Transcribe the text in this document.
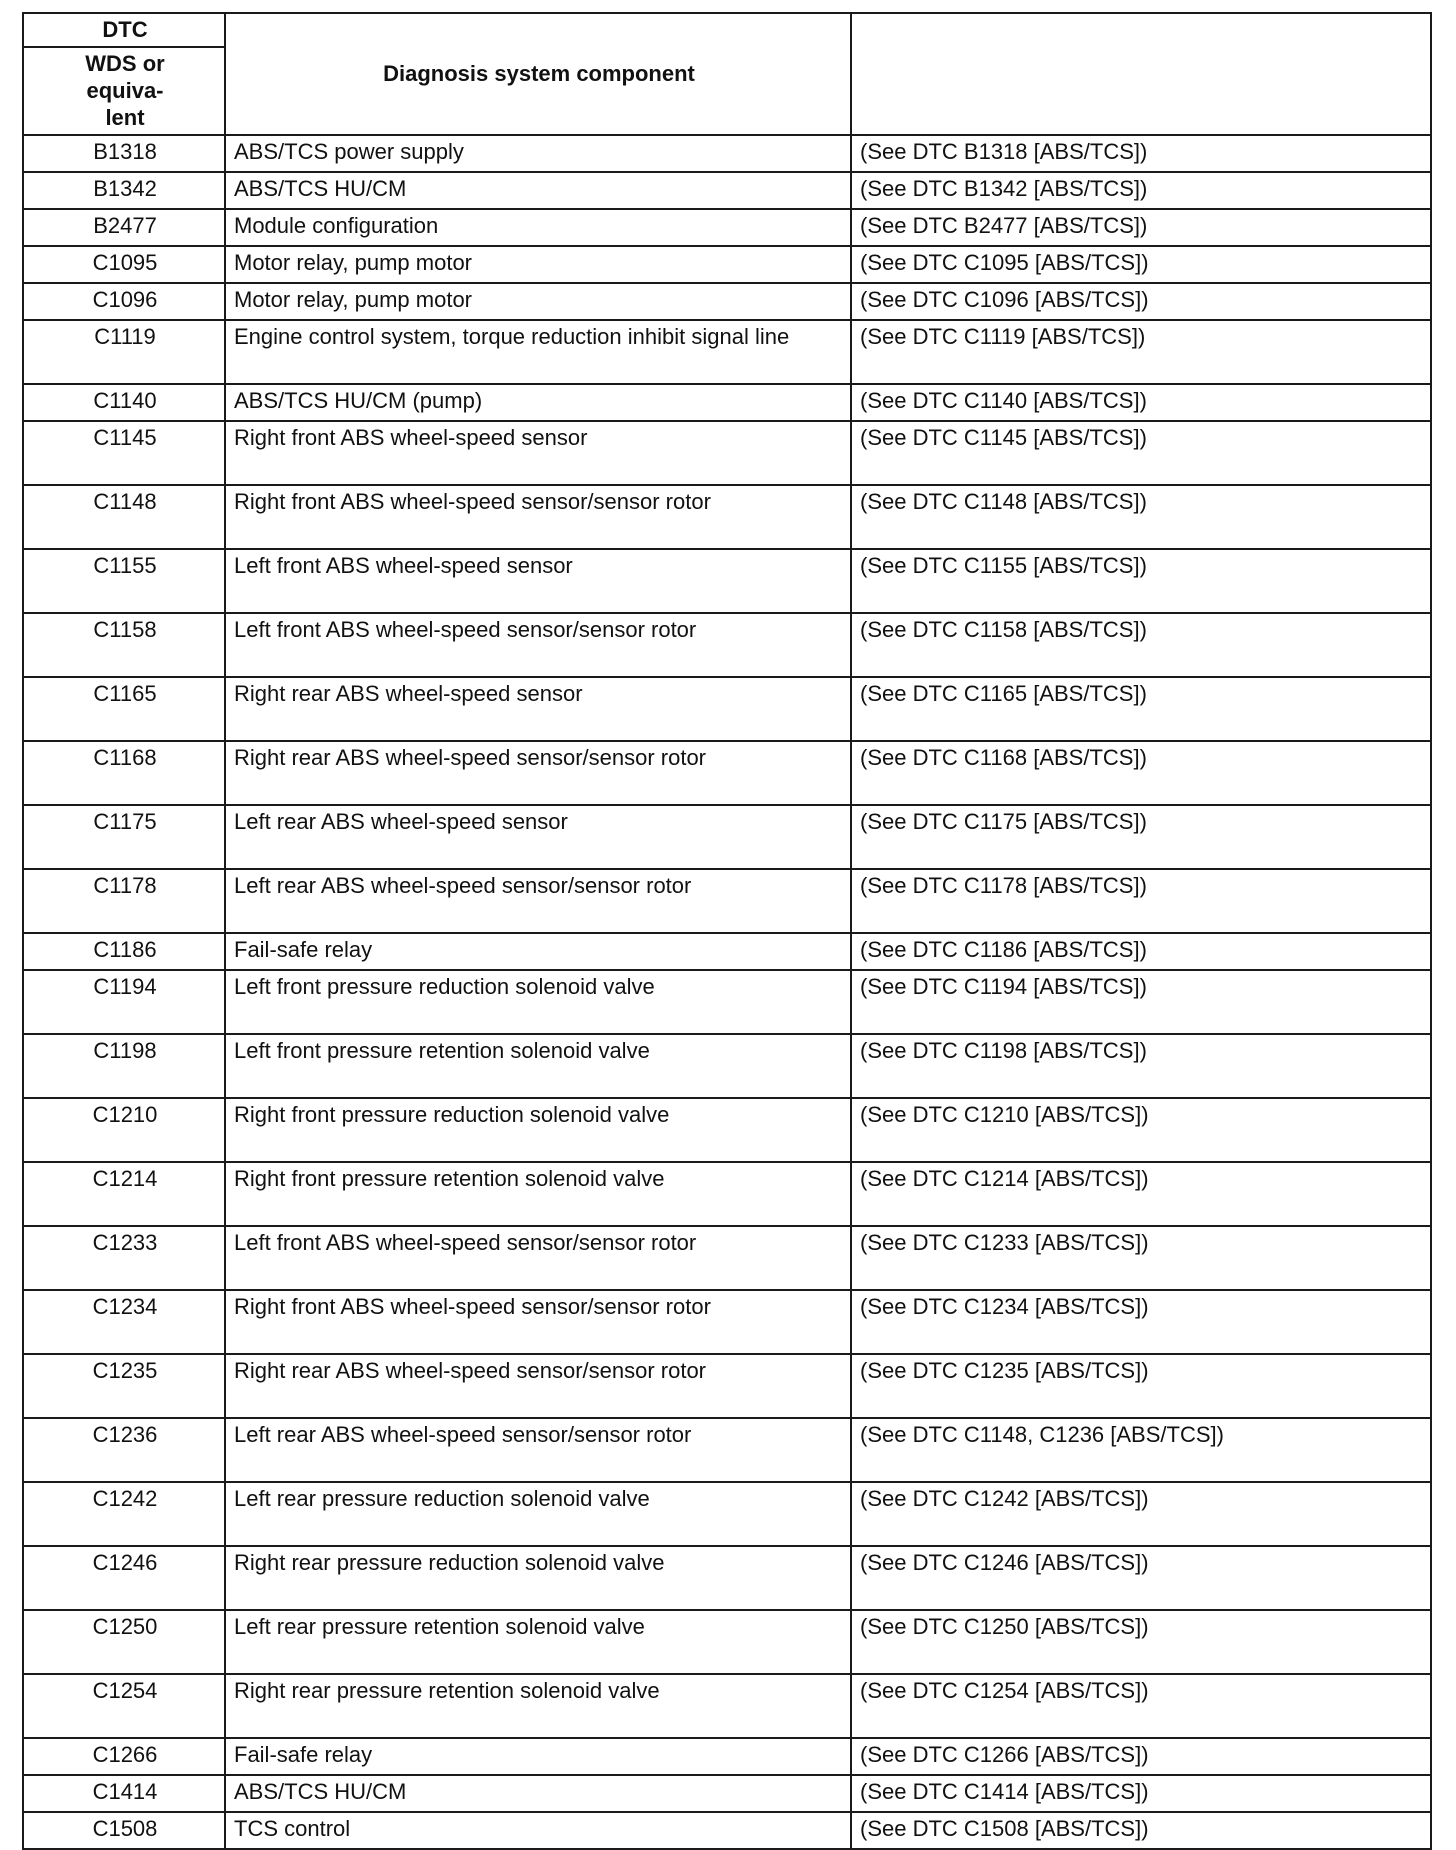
DTC	Diagnosis system component	
WDS or
equiva-
lent		
B1318	ABS/TCS power supply	(See DTC B1318 [ABS/TCS])
B1342	ABS/TCS HU/CM	(See DTC B1342 [ABS/TCS])
B2477	Module configuration	(See DTC B2477 [ABS/TCS])
C1095	Motor relay, pump motor	(See DTC C1095 [ABS/TCS])
C1096	Motor relay, pump motor	(See DTC C1096 [ABS/TCS])
C1119	Engine control system, torque reduction inhibit signal line	(See DTC C1119 [ABS/TCS])
C1140	ABS/TCS HU/CM (pump)	(See DTC C1140 [ABS/TCS])
C1145	Right front ABS wheel-speed sensor	(See DTC C1145 [ABS/TCS])
C1148	Right front ABS wheel-speed sensor/sensor rotor	(See DTC C1148 [ABS/TCS])
C1155	Left front ABS wheel-speed sensor	(See DTC C1155 [ABS/TCS])
C1158	Left front ABS wheel-speed sensor/sensor rotor	(See DTC C1158 [ABS/TCS])
C1165	Right rear ABS wheel-speed sensor	(See DTC C1165 [ABS/TCS])
C1168	Right rear ABS wheel-speed sensor/sensor rotor	(See DTC C1168 [ABS/TCS])
C1175	Left rear ABS wheel-speed sensor	(See DTC C1175 [ABS/TCS])
C1178	Left rear ABS wheel-speed sensor/sensor rotor	(See DTC C1178 [ABS/TCS])
C1186	Fail-safe relay	(See DTC C1186 [ABS/TCS])
C1194	Left front pressure reduction solenoid valve	(See DTC C1194 [ABS/TCS])
C1198	Left front pressure retention solenoid valve	(See DTC C1198 [ABS/TCS])
C1210	Right front pressure reduction solenoid valve	(See DTC C1210 [ABS/TCS])
C1214	Right front pressure retention solenoid valve	(See DTC C1214 [ABS/TCS])
C1233	Left front ABS wheel-speed sensor/sensor rotor	(See DTC C1233 [ABS/TCS])
C1234	Right front ABS wheel-speed sensor/sensor rotor	(See DTC C1234 [ABS/TCS])
C1235	Right rear ABS wheel-speed sensor/sensor rotor	(See DTC C1235 [ABS/TCS])
C1236	Left rear ABS wheel-speed sensor/sensor rotor	(See DTC C1148, C1236 [ABS/TCS])
C1242	Left rear pressure reduction solenoid valve	(See DTC C1242 [ABS/TCS])
C1246	Right rear pressure reduction solenoid valve	(See DTC C1246 [ABS/TCS])
C1250	Left rear pressure retention solenoid valve	(See DTC C1250 [ABS/TCS])
C1254	Right rear pressure retention solenoid valve	(See DTC C1254 [ABS/TCS])
C1266	Fail-safe relay	(See DTC C1266 [ABS/TCS])
C1414	ABS/TCS HU/CM	(See DTC C1414 [ABS/TCS])
C1508	TCS control	(See DTC C1508 [ABS/TCS])
